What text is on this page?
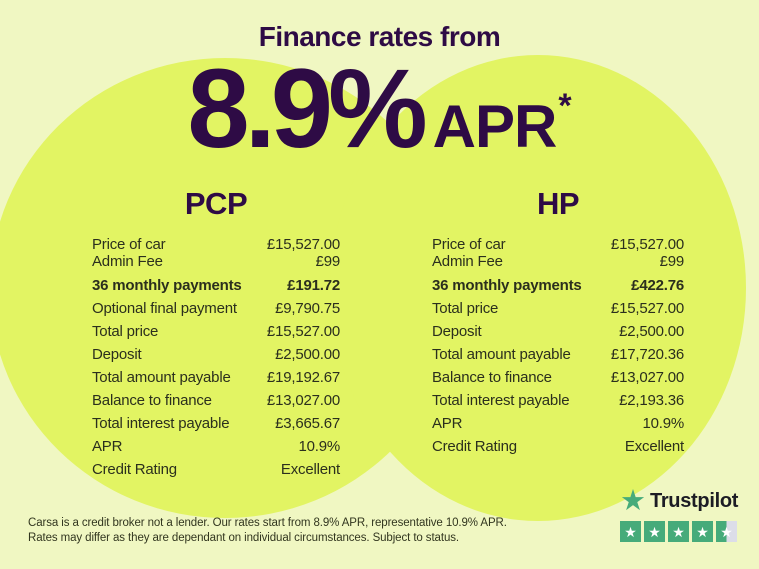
Finance rates from
8.9% APR *
PCP
Price of car	£15,527.00
Admin Fee	£99
36 monthly payments	£191.72
Optional final payment	£9,790.75
Total price	£15,527.00
Deposit	£2,500.00
Total amount payable £19,192.67
Balance to finance	£13,027.00
Total interest payable	£3,665.67
APR	10.9%
Credit Rating	Excellent
HP
Price of car	£15,527.00
Admin Fee	£99
36 monthly payments	£422.76
Total price	£15,527.00
Deposit	£2,500.00
Total amount payable	£17,720.36
Balance to finance	£13,027.00
Total interest payable	£2,193.36
APR	10.9%
Credit Rating	Excellent
Carsa is a credit broker not a lender. Our rates start from 8.9% APR, representative 10.9% APR.
Rates may differ as they are dependant on individual circumstances. Subject to status.
★ Trustpilot
★ ★ ★ ★ ★
